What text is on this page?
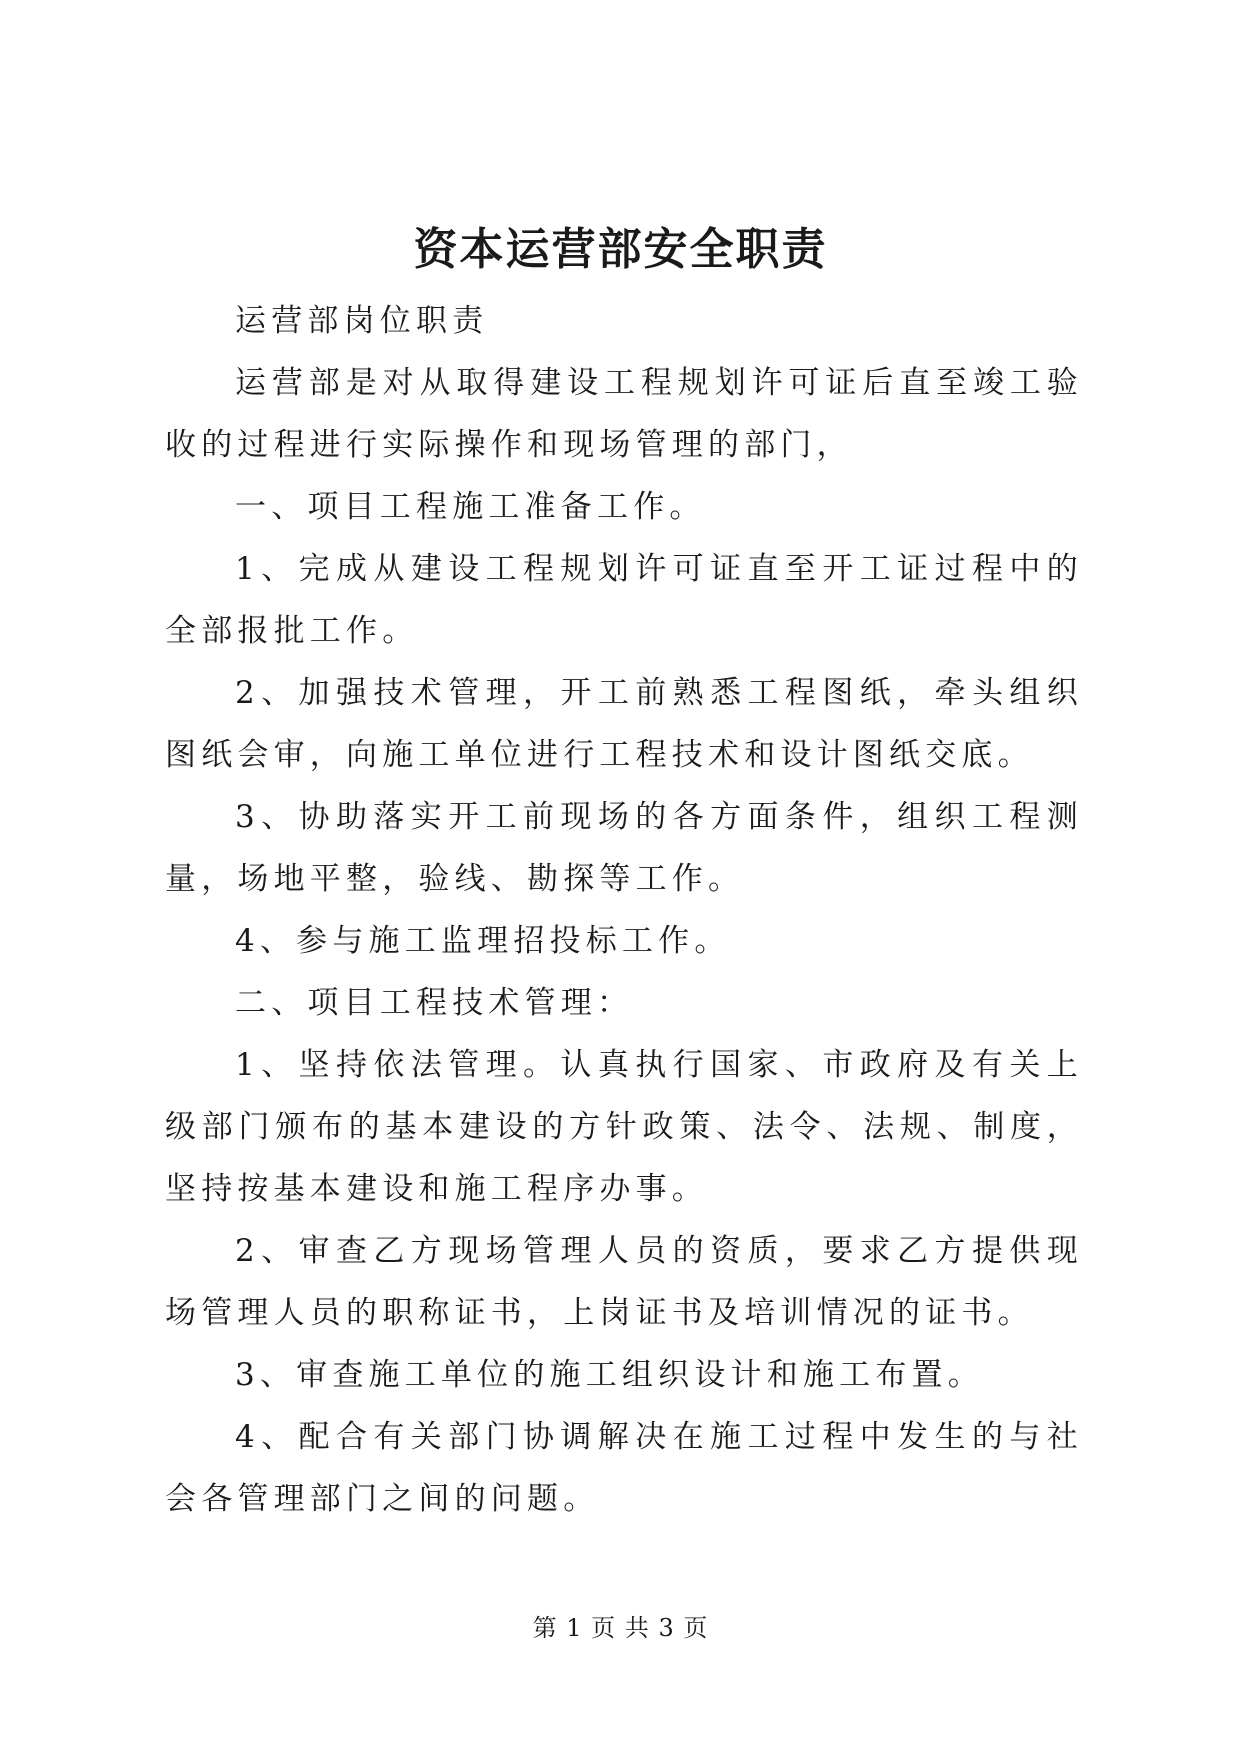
资本运营部安全职责

运营部岗位职责

运营部是对从取得建设工程规划许可证后直至竣工验收的过程进行实际操作和现场管理的部门，

一、项目工程施工准备工作。

1、完成从建设工程规划许可证直至开工证过程中的全部报批工作。

2、加强技术管理，开工前熟悉工程图纸，牵头组织图纸会审，向施工单位进行工程技术和设计图纸交底。

3、协助落实开工前现场的各方面条件，组织工程测量，场地平整，验线、勘探等工作。

4、参与施工监理招投标工作。

二、项目工程技术管理：

1、坚持依法管理。认真执行国家、市政府及有关上级部门颁布的基本建设的方针政策、法令、法规、制度，坚持按基本建设和施工程序办事。

2、审查乙方现场管理人员的资质，要求乙方提供现场管理人员的职称证书，上岗证书及培训情况的证书。

3、审查施工单位的施工组织设计和施工布置。

4、配合有关部门协调解决在施工过程中发生的与社会各管理部门之间的问题。

第 1 页 共 3 页
